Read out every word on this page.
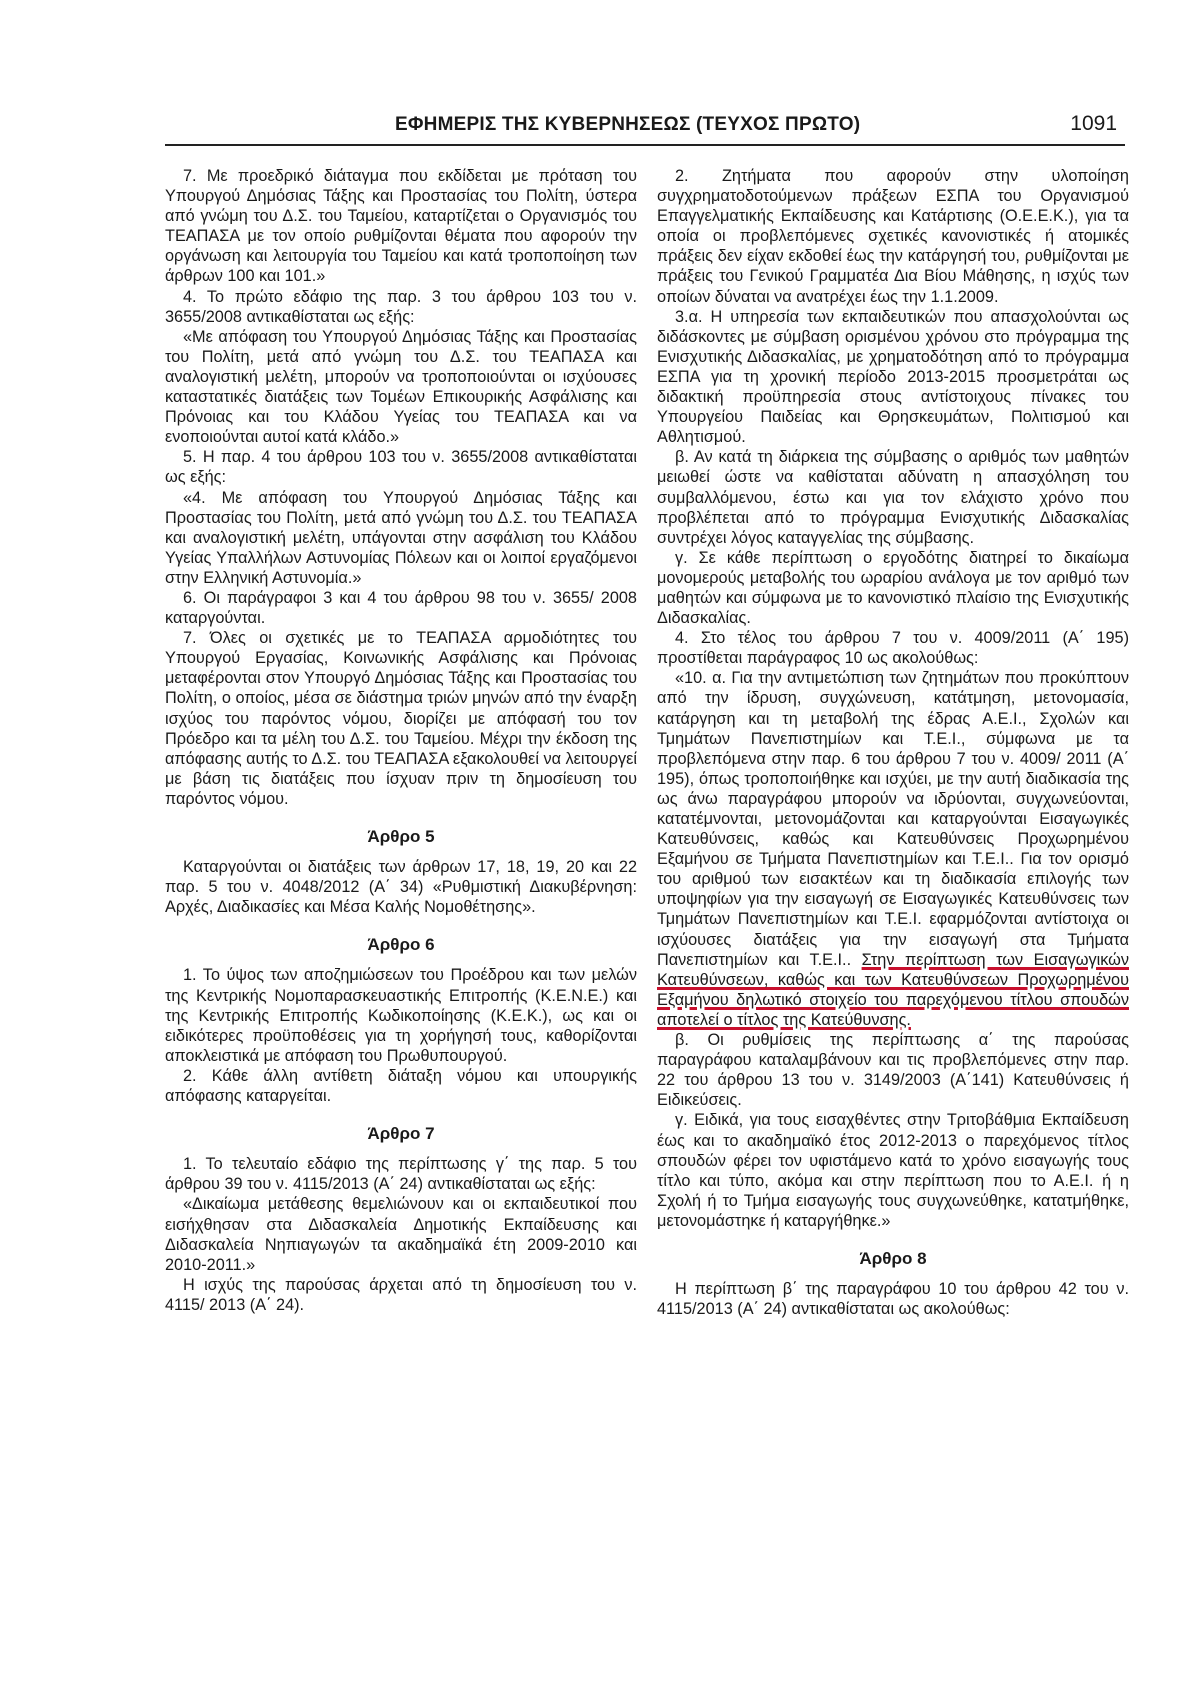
ΕΦΗΜΕΡΙΣ ΤΗΣ ΚΥΒΕΡΝΗΣΕΩΣ (ΤΕΥΧΟΣ ΠΡΩΤΟ)	1091

7. Με προεδρικό διάταγμα που εκδίδεται με πρόταση του Υπουργού Δημόσιας Τάξης και Προστασίας του Πολίτη, ύστερα από γνώμη του Δ.Σ. του Ταμείου, καταρτίζεται ο Οργανισμός του ΤΕΑΠΑΣΑ με τον οποίο ρυθμίζονται θέματα που αφορούν την οργάνωση και λειτουργία του Ταμείου και κατά τροποποίηση των άρθρων 100 και 101.»

4. Το πρώτο εδάφιο της παρ. 3 του άρθρου 103 του ν. 3655/2008 αντικαθίσταται ως εξής:

«Με απόφαση του Υπουργού Δημόσιας Τάξης και Προστασίας του Πολίτη, μετά από γνώμη του Δ.Σ. του ΤΕΑΠΑΣΑ και αναλογιστική μελέτη, μπορούν να τροποποιούνται οι ισχύουσες καταστατικές διατάξεις των Τομέων Επικουρικής Ασφάλισης και Πρόνοιας και του Κλάδου Υγείας του ΤΕΑΠΑΣΑ και να ενοποιούνται αυτοί κατά κλάδο.»

5. Η παρ. 4 του άρθρου 103 του ν. 3655/2008 αντικαθίσταται ως εξής:

«4. Με απόφαση του Υπουργού Δημόσιας Τάξης και Προστασίας του Πολίτη, μετά από γνώμη του Δ.Σ. του ΤΕΑΠΑΣΑ και αναλογιστική μελέτη, υπάγονται στην ασφάλιση του Κλάδου Υγείας Υπαλλήλων Αστυνομίας Πόλεων και οι λοιποί εργαζόμενοι στην Ελληνική Αστυνομία.»

6. Οι παράγραφοι 3 και 4 του άρθρου 98 του ν. 3655/ 2008 καταργούνται.

7. Όλες οι σχετικές με το ΤΕΑΠΑΣΑ αρμοδιότητες του Υπουργού Εργασίας, Κοινωνικής Ασφάλισης και Πρόνοιας μεταφέρονται στον Υπουργό Δημόσιας Τάξης και Προστασίας του Πολίτη, ο οποίος, μέσα σε διάστημα τριών μηνών από την έναρξη ισχύος του παρόντος νόμου, διορίζει με απόφασή του τον Πρόεδρο και τα μέλη του Δ.Σ. του Ταμείου. Μέχρι την έκδοση της απόφασης αυτής το Δ.Σ. του ΤΕΑΠΑΣΑ εξακολουθεί να λειτουργεί με βάση τις διατάξεις που ίσχυαν πριν τη δημοσίευση του παρόντος νόμου.

Άρθρο 5

Καταργούνται οι διατάξεις των άρθρων 17, 18, 19, 20 και 22 παρ. 5 του ν. 4048/2012 (Α΄ 34) «Ρυθμιστική Διακυβέρνηση: Αρχές, Διαδικασίες και Μέσα Καλής Νομοθέτησης».

Άρθρο 6

1. Το ύψος των αποζημιώσεων του Προέδρου και των μελών της Κεντρικής Νομοπαρασκευαστικής Επιτροπής (Κ.Ε.Ν.Ε.) και της Κεντρικής Επιτροπής Κωδικοποίησης (Κ.Ε.Κ.), ως και οι ειδικότερες προϋποθέσεις για τη χορήγησή τους, καθορίζονται αποκλειστικά με απόφαση του Πρωθυπουργού.

2. Κάθε άλλη αντίθετη διάταξη νόμου και υπουργικής απόφασης καταργείται.

Άρθρο 7

1. Το τελευταίο εδάφιο της περίπτωσης γ΄ της παρ. 5 του άρθρου 39 του ν. 4115/2013 (Α΄ 24) αντικαθίσταται ως εξής:

«Δικαίωμα μετάθεσης θεμελιώνουν και οι εκπαιδευτικοί που εισήχθησαν στα Διδασκαλεία Δημοτικής Εκπαίδευσης και Διδασκαλεία Νηπιαγωγών τα ακαδημαϊκά έτη 2009-2010 και 2010-2011.»

Η ισχύς της παρούσας άρχεται από τη δημοσίευση του ν. 4115/ 2013 (Α΄ 24).

2. Ζητήματα που αφορούν στην υλοποίηση συγχρηματοδοτούμενων πράξεων ΕΣΠΑ του Οργανισμού Επαγγελματικής Εκπαίδευσης και Κατάρτισης (Ο.Ε.Ε.Κ.), για τα οποία οι προβλεπόμενες σχετικές κανονιστικές ή ατομικές πράξεις δεν είχαν εκδοθεί έως την κατάργησή του, ρυθμίζονται με πράξεις του Γενικού Γραμματέα Δια Βίου Μάθησης, η ισχύς των οποίων δύναται να ανατρέχει έως την 1.1.2009.

3.α. Η υπηρεσία των εκπαιδευτικών που απασχολούνται ως διδάσκοντες με σύμβαση ορισμένου χρόνου στο πρόγραμμα της Ενισχυτικής Διδασκαλίας, με χρηματοδότηση από το πρόγραμμα ΕΣΠΑ για τη χρονική περίοδο 2013-2015 προσμετράται ως διδακτική προϋπηρεσία στους αντίστοιχους πίνακες του Υπουργείου Παιδείας και Θρησκευμάτων, Πολιτισμού και Αθλητισμού.

β. Αν κατά τη διάρκεια της σύμβασης ο αριθμός των μαθητών μειωθεί ώστε να καθίσταται αδύνατη η απασχόληση του συμβαλλόμενου, έστω και για τον ελάχιστο χρόνο που προβλέπεται από το πρόγραμμα Ενισχυτικής Διδασκαλίας συντρέχει λόγος καταγγελίας της σύμβασης.

γ. Σε κάθε περίπτωση ο εργοδότης διατηρεί το δικαίωμα μονομερούς μεταβολής του ωραρίου ανάλογα με τον αριθμό των μαθητών και σύμφωνα με το κανονιστικό πλαίσιο της Ενισχυτικής Διδασκαλίας.

4. Στο τέλος του άρθρου 7 του ν. 4009/2011 (Α΄ 195) προστίθεται παράγραφος 10 ως ακολούθως:

«10. α. Για την αντιμετώπιση των ζητημάτων που προκύπτουν από την ίδρυση, συγχώνευση, κατάτμηση, μετονομασία, κατάργηση και τη μεταβολή της έδρας Α.Ε.Ι., Σχολών και Τμημάτων Πανεπιστημίων και Τ.Ε.Ι., σύμφωνα με τα προβλεπόμενα στην παρ. 6 του άρθρου 7 του ν. 4009/ 2011 (Α΄ 195), όπως τροποποιήθηκε και ισχύει, με την αυτή διαδικασία της ως άνω παραγράφου μπορούν να ιδρύονται, συγχωνεύονται, κατατέμνονται, μετονομάζονται και καταργούνται Εισαγωγικές Κατευθύνσεις, καθώς και Κατευθύνσεις Προχωρημένου Εξαμήνου σε Τμήματα Πανεπιστημίων και Τ.Ε.Ι.. Για τον ορισμό του αριθμού των εισακτέων και τη διαδικασία επιλογής των υποψηφίων για την εισαγωγή σε Εισαγωγικές Κατευθύνσεις των Τμημάτων Πανεπιστημίων και Τ.Ε.Ι. εφαρμόζονται αντίστοιχα οι ισχύουσες διατάξεις για την εισαγωγή στα Τμήματα Πανεπιστημίων και Τ.Ε.Ι.. Στην περίπτωση των Εισαγωγικών Κατευθύνσεων, καθώς και των Κατευθύνσεων Προχωρημένου Εξαμήνου δηλωτικό στοιχείο του παρεχόμενου τίτλου σπουδών αποτελεί ο τίτλος της Κατεύθυνσης.

β. Οι ρυθμίσεις της περίπτωσης α΄ της παρούσας παραγράφου καταλαμβάνουν και τις προβλεπόμενες στην παρ. 22 του άρθρου 13 του ν. 3149/2003 (Α΄141) Κατευθύνσεις ή Ειδικεύσεις.

γ. Ειδικά, για τους εισαχθέντες στην Τριτοβάθμια Εκπαίδευση έως και το ακαδημαϊκό έτος 2012-2013 ο παρεχόμενος τίτλος σπουδών φέρει τον υφιστάμενο κατά το χρόνο εισαγωγής τους τίτλο και τύπο, ακόμα και στην περίπτωση που το Α.Ε.Ι. ή η Σχολή ή το Τμήμα εισαγωγής τους συγχωνεύθηκε, κατατμήθηκε, μετονομάστηκε ή καταργήθηκε.»

Άρθρο 8

Η περίπτωση β΄ της παραγράφου 10 του άρθρου 42 του ν. 4115/2013 (Α΄ 24) αντικαθίσταται ως ακολούθως:
